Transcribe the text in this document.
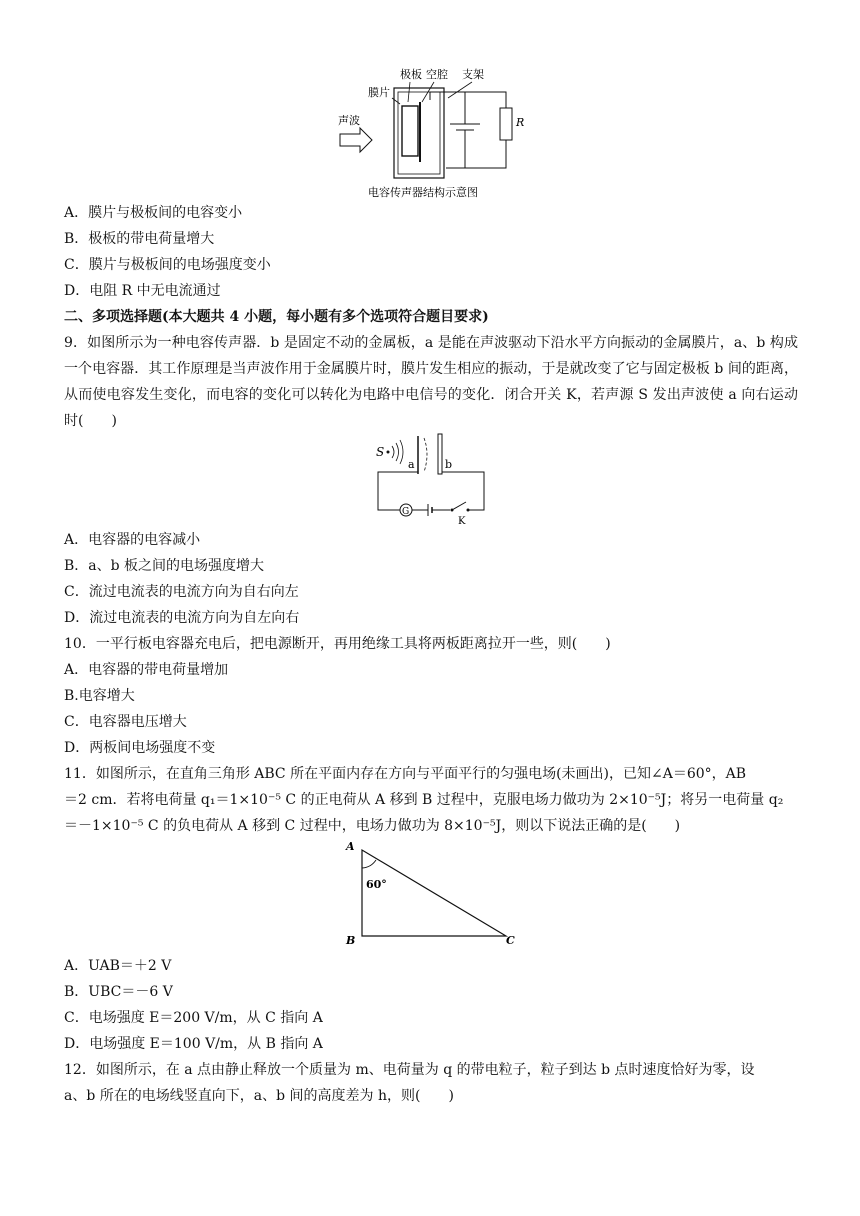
极板 空腔 支架
膜片
声波	R
电容传声器结构示意图
A．膜片与极板间的电容变小
B．极板的带电荷量增大
C．膜片与极板间的电场强度变小
D．电阻 R 中无电流通过
二、多项选择题(本大题共 4 小题，每小题有多个选项符合题目要求)
9．如图所示为一种电容传声器．b 是固定不动的金属板，a 是能在声波驱动下沿水平方向振动的金属膜片，a、b 构成一个电容器．其工作原理是当声波作用于金属膜片时，膜片发生相应的振动，于是就改变了它与固定极板 b 间的距离，从而使电容发生变化，而电容的变化可以转化为电路中电信号的变化．闭合开关 K，若声源 S 发出声波使 a 向右运动时(　　)
S
a	b
G
K
A．电容器的电容减小
B．a、b 板之间的电场强度增大
C．流过电流表的电流方向为自右向左
D．流过电流表的电流方向为自左向右
10．一平行板电容器充电后，把电源断开，再用绝缘工具将两板距离拉开一些，则(　　)
A．电容器的带电荷量增加
B.电容增大
C．电容器电压增大
D．两板间电场强度不变
11．如图所示，在直角三角形 ABC 所在平面内存在方向与平面平行的匀强电场(未画出)，已知∠A＝60°，AB
＝2 cm．若将电荷量 q₁＝1×10⁻⁵ C 的正电荷从 A 移到 B 过程中，克服电场力做功为 2×10⁻⁵J；将另一电荷量 q₂
＝－1×10⁻⁵ C 的负电荷从 A 移到 C 过程中，电场力做功为 8×10⁻⁵J，则以下说法正确的是(　　)
A
B	C
60°
A．UAB＝＋2 V
B．UBC＝－6 V
C．电场强度 E＝200 V/m，从 C 指向 A
D．电场强度 E＝100 V/m，从 B 指向 A
12．如图所示，在 a 点由静止释放一个质量为 m、电荷量为 q 的带电粒子，粒子到达 b 点时速度恰好为零，设
a、b 所在的电场线竖直向下，a、b 间的高度差为 h，则(　　)
